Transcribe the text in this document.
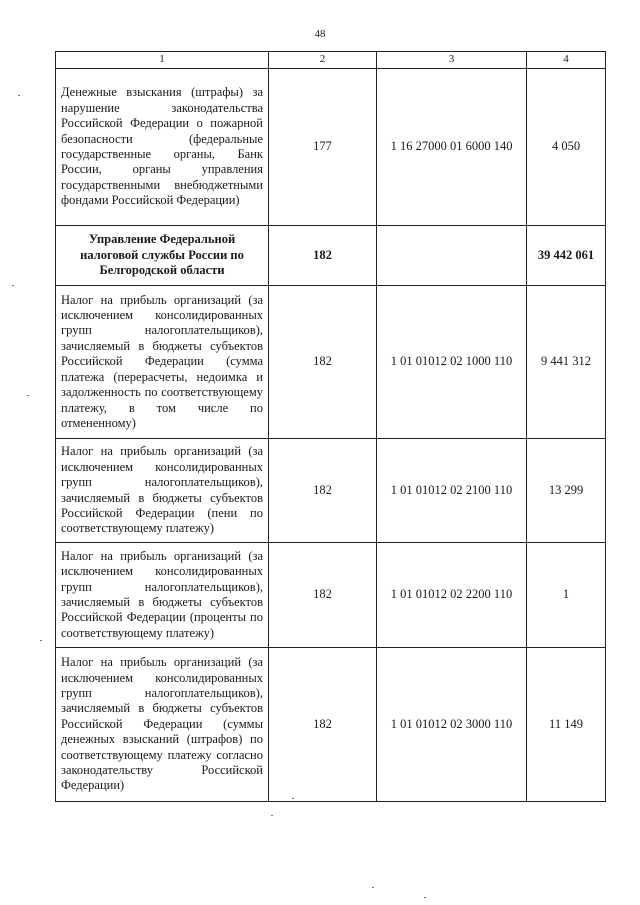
48
1	2	3	4
Денежные взыскания (штрафы) за нарушение законодательства Российской Федерации о пожарной безопасности (федеральные государственные органы, Банк России, органы управления государственными внебюджетными фондами Российской Федерации)	177	1 16 27000 01 6000 140	4 050
Управление Федеральной налоговой службы России по Белгородской области	182		39 442 061
Налог на прибыль организаций (за исключением консолидированных групп налогоплательщиков), зачисляемый в бюджеты субъектов Российской Федерации (сумма платежа (перерасчеты, недоимка и задолженность по соответствующему платежу, в том числе по отмененному)	182	1 01 01012 02 1000 110	9 441 312
Налог на прибыль организаций (за исключением консолидированных групп налогоплательщиков), зачисляемый в бюджеты субъектов Российской Федерации (пени по соответствующему платежу)	182	1 01 01012 02 2100 110	13 299
Налог на прибыль организаций (за исключением консолидированных групп налогоплательщиков), зачисляемый в бюджеты субъектов Российской Федерации (проценты по соответствующему платежу)	182	1 01 01012 02 2200 110	1
Налог на прибыль организаций (за исключением консолидированных групп налогоплательщиков), зачисляемый в бюджеты субъектов Российской Федерации (суммы денежных взысканий (штрафов) по соответствующему платежу согласно законодательству Российской Федерации)	182	1 01 01012 02 3000 110	11 149
